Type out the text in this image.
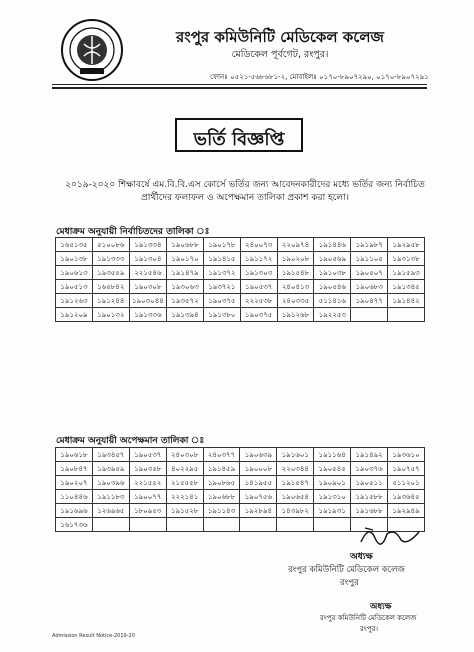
রংপুর কমিউনিটি মেডিকেল কলেজ
মেডিকেল পূর্বগেট, রংপুর।
ফোনঃ ০৫২১-৫৬৮৬৮১-২, মোবাইলঃ ০১৭০-৮৯০৭২৯০, ০১৭০-৮৯০৭২৯১
ভর্তি বিজ্ঞপ্তি
২০১৯-২০২০ শিক্ষাবর্ষে এম.বি.বি.এস কোর্সে ভর্তির জন্য আবেদনকারীদের মধ্যে ভর্তির জন্য নির্বাচিত
প্রার্থীদের ফলাফল ও অপেক্ষমান তালিকা প্রকাশ করা হলো।
মেধাক্রম অনুযায়ী নির্বাচিতদের তালিকা ঃ
১৬৫১৩৫	৫১০০৮৬	১৯১৩৩৪	১৯০৬৮৮	১৯০১৭৮	২৪০০৭৩	২২০৯৭৪	১৯১৪৪৬	১৯১৯৮৭	১৯২৯৫৮
১৯০১৩৮	১৯১৩৩৩	১৯১৩০৪	১৯০১৭০	১৯১৪১৫	১৯১১৭২	১৯০২০৮	১৯০৫৬৯	১৯১১০৫	১৯৩১৩৮
১৯০৬১৩	১৯৩৫৫৯	২২১৫৪৬	১৯১৪৭৯	১৯১৩৭২	১৯১৩০৩	১৯১৫৪৮	১৯১০৩৮	১৯০৫০৭	১৯১৫৯৩
১৯০৫১৩	১৬৫৮৪২	১৯০৩০৮	১৯৩০৬৩	১৯৩৭২১	১৯০৫৩৭	২৪০৪১৩	১৯০৫৪৬	১৯০৬৮৩	১৯১৩৪৫
১৯১২৬৩	১৯১২৪৪	১৯০৩০৪৪	১৯৩৫৭২	১৯০৩৭৫	২২২৫৩৮	২৪০৩৩৫	৫১১৪১৬	১৯০৪৭৭	১৯১৪৪২
১৯১২০৯	১৯০১৩২	১৯১৩৩৬	১৯১৩৯৪	১৯১৩৮০	১৯০৩৭৫	১৯১২৬৮	১৯২২৫৩		
মেধাক্রম অনুযায়ী অপেক্ষমান তালিকা ঃ
১৯০৬১৮	১৯৩৪৫৭	১৯০৫৩৭	২৪০৩০৮	২৪০৩৭৭	১৯০৬৩৯	১৯১৬০১	১৯১১৬৪	১৯১৪৯২	১৯৩৬১০
১৯০৮৪৭	১৯৩৯৫৯	১৯০৩৫৮	৪০২২৯৫	১৯১৪৫৯	১৯০০০৮	২২০৩৪৪	১৯০৫৪৫	১৯০৩৭৬	১৯০৭৫৭
১৯০২০৭	১৯০৩৯৬	২২১৫৫২	২১৫৫৫৮	১৯০৮৬৫	১৪১৯৫৫	১৯১৫৪৭	১৯০৯০১	১৯০৫১১	৫১১২০১
১১০৪৪৬	১৯১১৮৩	১৯০০৭৭	২২২১৪১	১৯০৬৮৮	১৯০৭৫৬	১৯০৬৫৪	১৯১৩১০	১৯১৫৮৮	১৯৩৬৪৫
১৯১৬৯৬	১২৬৯৬৫	১৮০৯৫৩	১৯১৫২৮	১৯১১৪৩	১৯২৮৯৪	১৪৩৯৮২	১৯১৯৩১	১৯১৬৮৮	১৯২৯৪৯
১৬১৭৩৬									
অধ্যক্ষ
রংপুর কমিউনিটি মেডিকেল কলেজ
রংপুর
অধ্যক্ষ
রংপুর কমিউনিটি মেডিকেল কলেজ
রংপুর।
Admission Result Notice-2019-20
